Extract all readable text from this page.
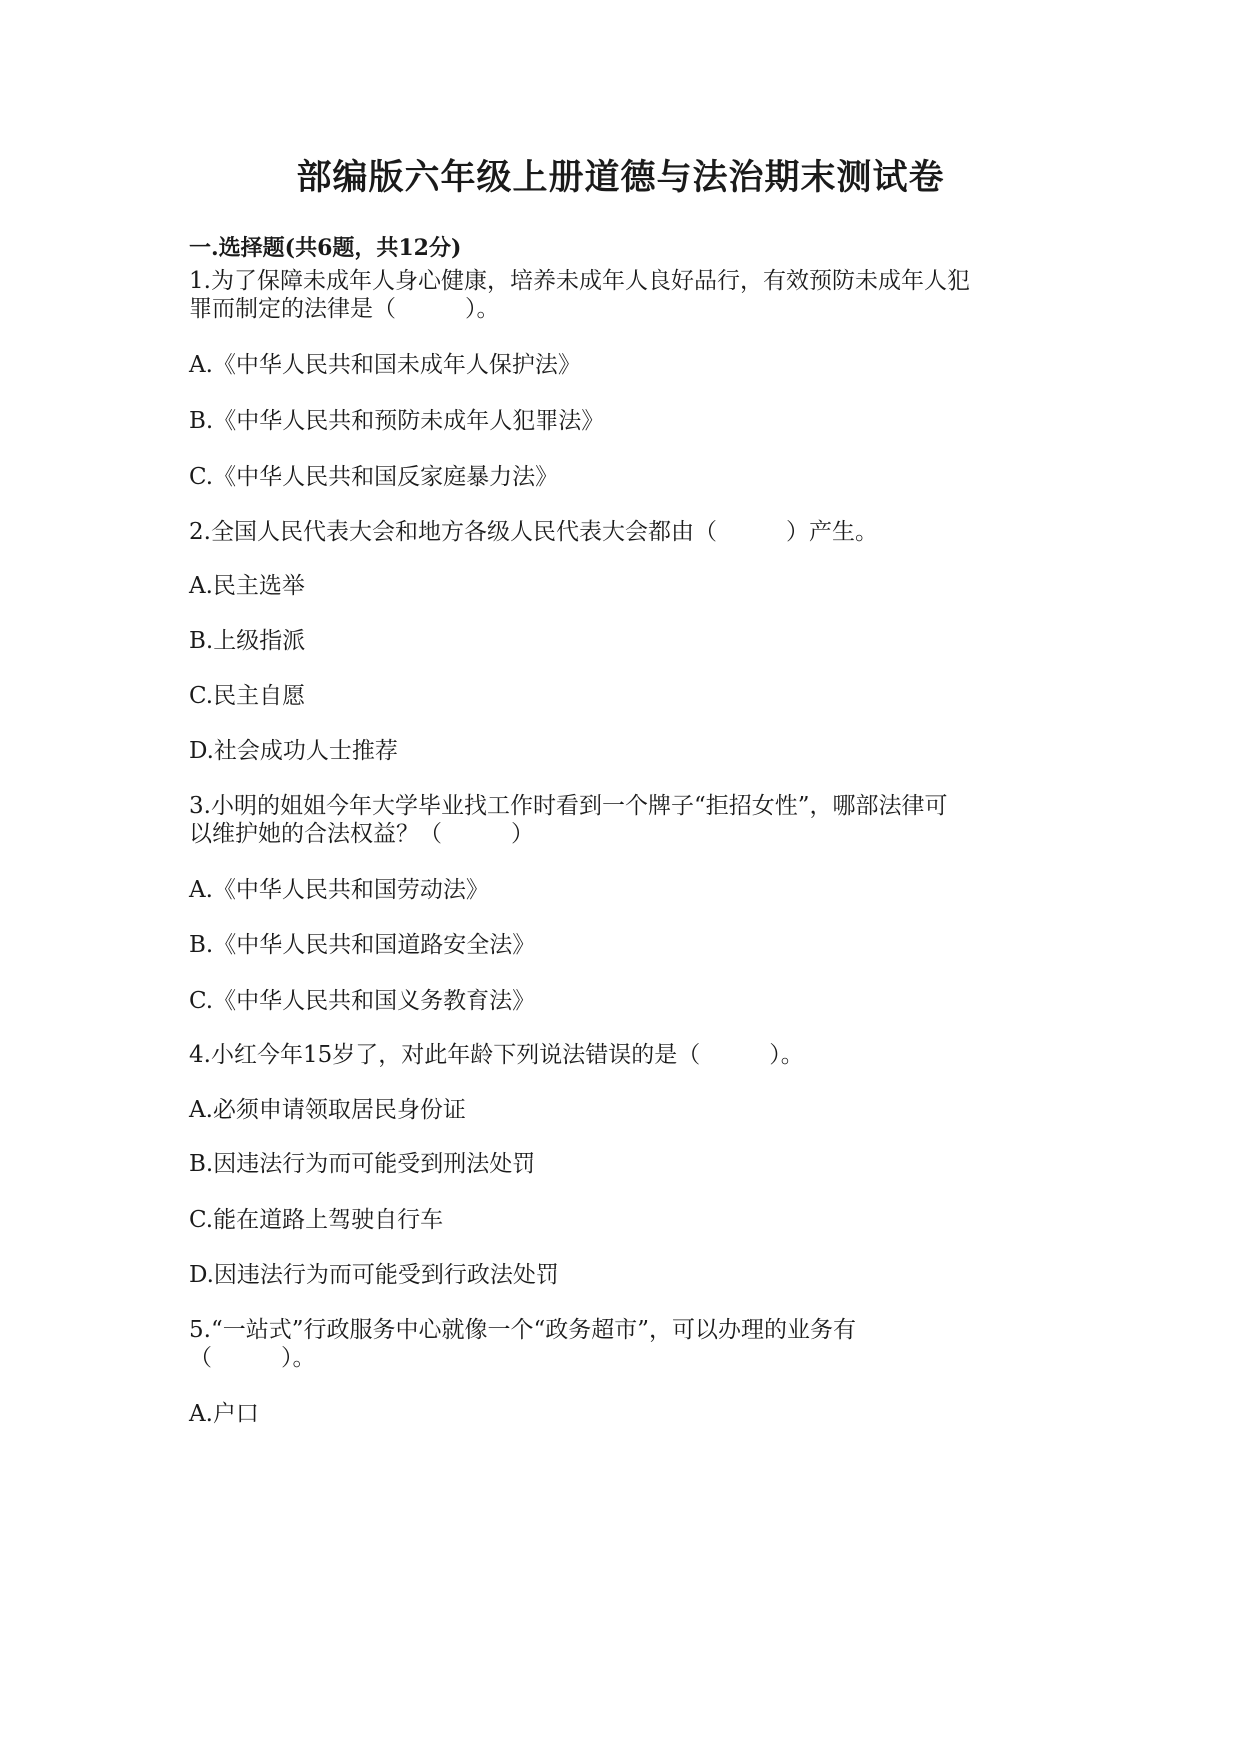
部编版六年级上册道德与法治期末测试卷
一.选择题(共6题，共12分)
1.为了保障未成年人身心健康，培养未成年人良好品行，有效预防未成年人犯
罪而制定的法律是（　　　）。
A.《中华人民共和国未成年人保护法》
B.《中华人民共和预防未成年人犯罪法》
C.《中华人民共和国反家庭暴力法》
2.全国人民代表大会和地方各级人民代表大会都由（　　　）产生。
A.民主选举
B.上级指派
C.民主自愿
D.社会成功人士推荐
3.小明的姐姐今年大学毕业找工作时看到一个牌子“拒招女性”，哪部法律可
以维护她的合法权益？（　　　）
A.《中华人民共和国劳动法》
B.《中华人民共和国道路安全法》
C.《中华人民共和国义务教育法》
4.小红今年15岁了，对此年龄下列说法错误的是（　　　）。
A.必须申请领取居民身份证
B.因违法行为而可能受到刑法处罚
C.能在道路上驾驶自行车
D.因违法行为而可能受到行政法处罚
5.“一站式”行政服务中心就像一个“政务超市”，可以办理的业务有
（　　　）。
A.户口
